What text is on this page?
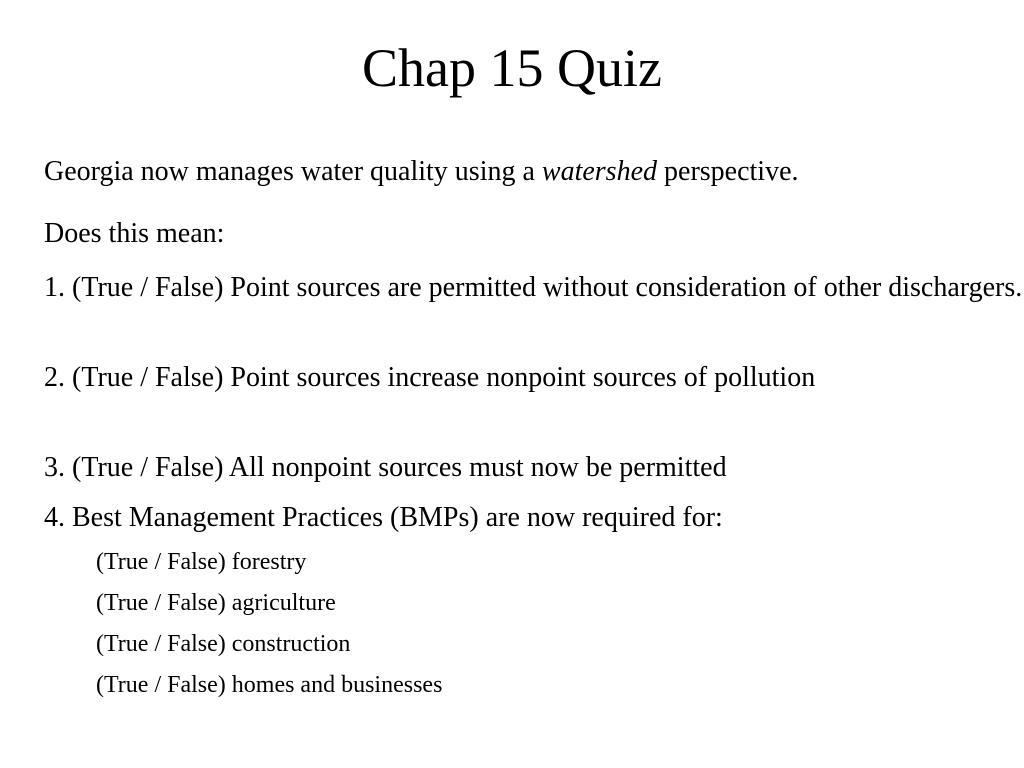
Chap 15 Quiz

Georgia now manages water quality using a watershed perspective.

Does this mean:

1. (True / False) Point sources are permitted without consideration of other dischargers.

2. (True / False) Point sources increase nonpoint sources of pollution

3. (True / False) All nonpoint sources must now be permitted

4. Best Management Practices (BMPs) are now required for:

(True / False) forestry
(True / False) agriculture
(True / False) construction
(True / False) homes and businesses
